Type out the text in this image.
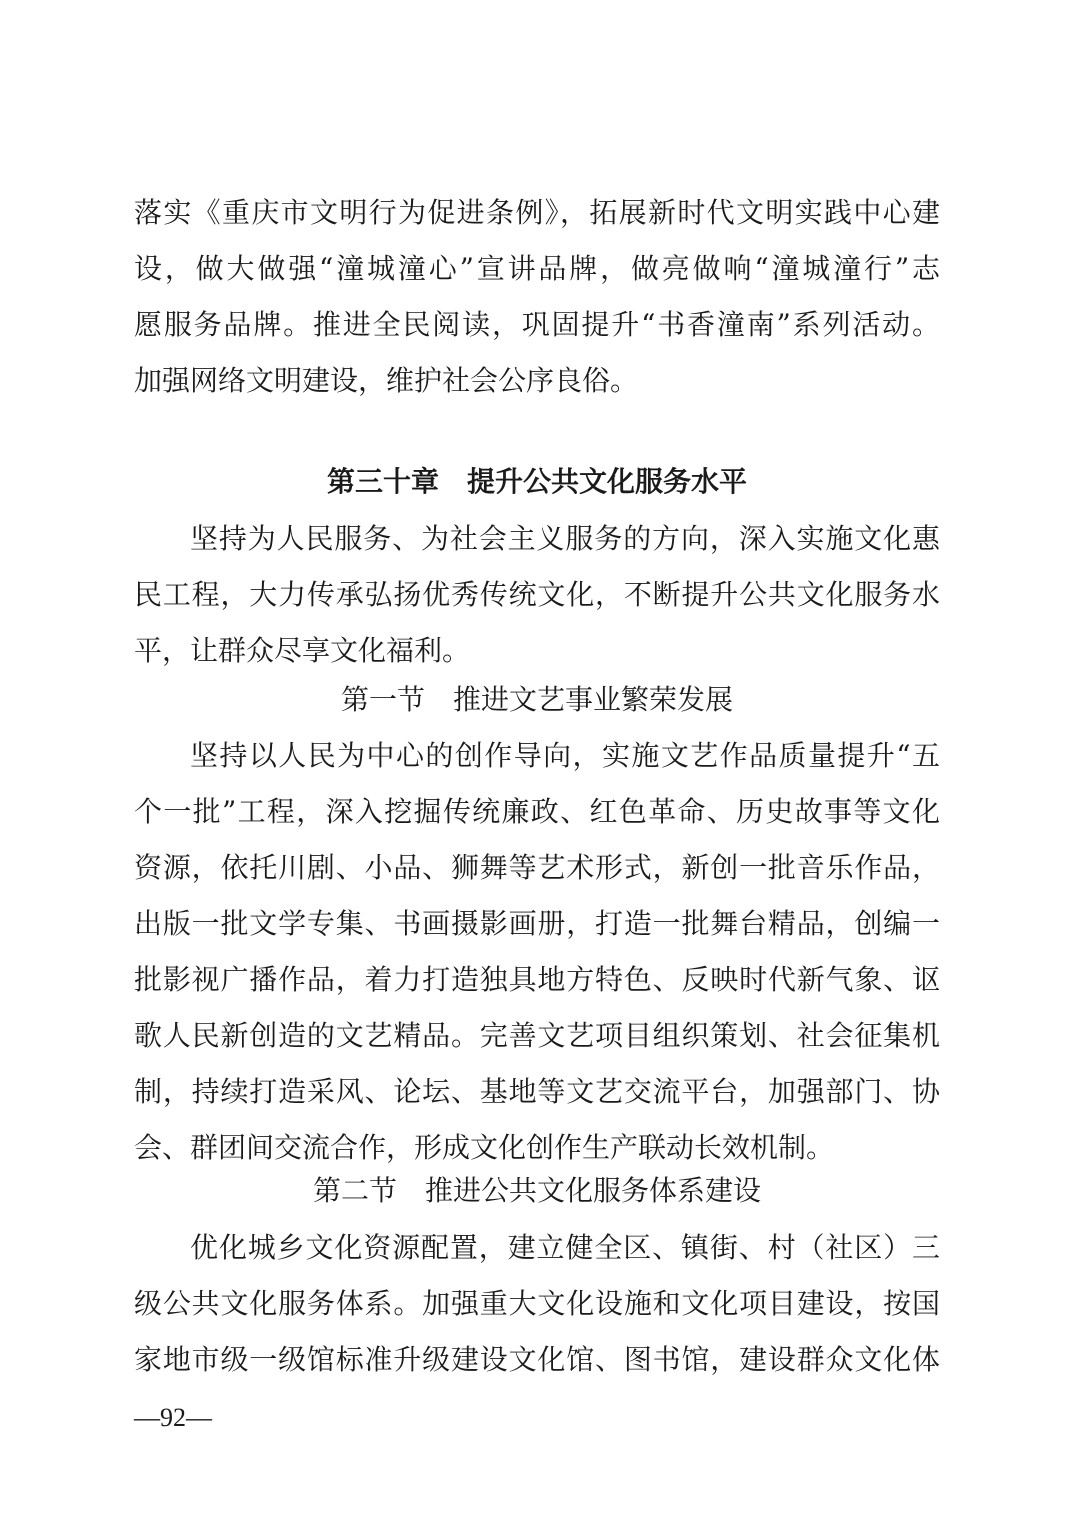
落实《重庆市文明行为促进条例》，拓展新时代文明实践中心建
设，做大做强“潼城潼心”宣讲品牌，做亮做响“潼城潼行”志
愿服务品牌。推进全民阅读，巩固提升“书香潼南”系列活动。
加强网络文明建设，维护社会公序良俗。
第三十章　提升公共文化服务水平
坚持为人民服务、为社会主义服务的方向，深入实施文化惠
民工程，大力传承弘扬优秀传统文化，不断提升公共文化服务水
平，让群众尽享文化福利。
第一节　推进文艺事业繁荣发展
坚持以人民为中心的创作导向，实施文艺作品质量提升“五
个一批”工程，深入挖掘传统廉政、红色革命、历史故事等文化
资源，依托川剧、小品、狮舞等艺术形式，新创一批音乐作品，
出版一批文学专集、书画摄影画册，打造一批舞台精品，创编一
批影视广播作品，着力打造独具地方特色、反映时代新气象、讴
歌人民新创造的文艺精品。完善文艺项目组织策划、社会征集机
制，持续打造采风、论坛、基地等文艺交流平台，加强部门、协
会、群团间交流合作，形成文化创作生产联动长效机制。
第二节　推进公共文化服务体系建设
优化城乡文化资源配置，建立健全区、镇街、村（社区）三
级公共文化服务体系。加强重大文化设施和文化项目建设，按国
家地市级一级馆标准升级建设文化馆、图书馆，建设群众文化体
—92—
